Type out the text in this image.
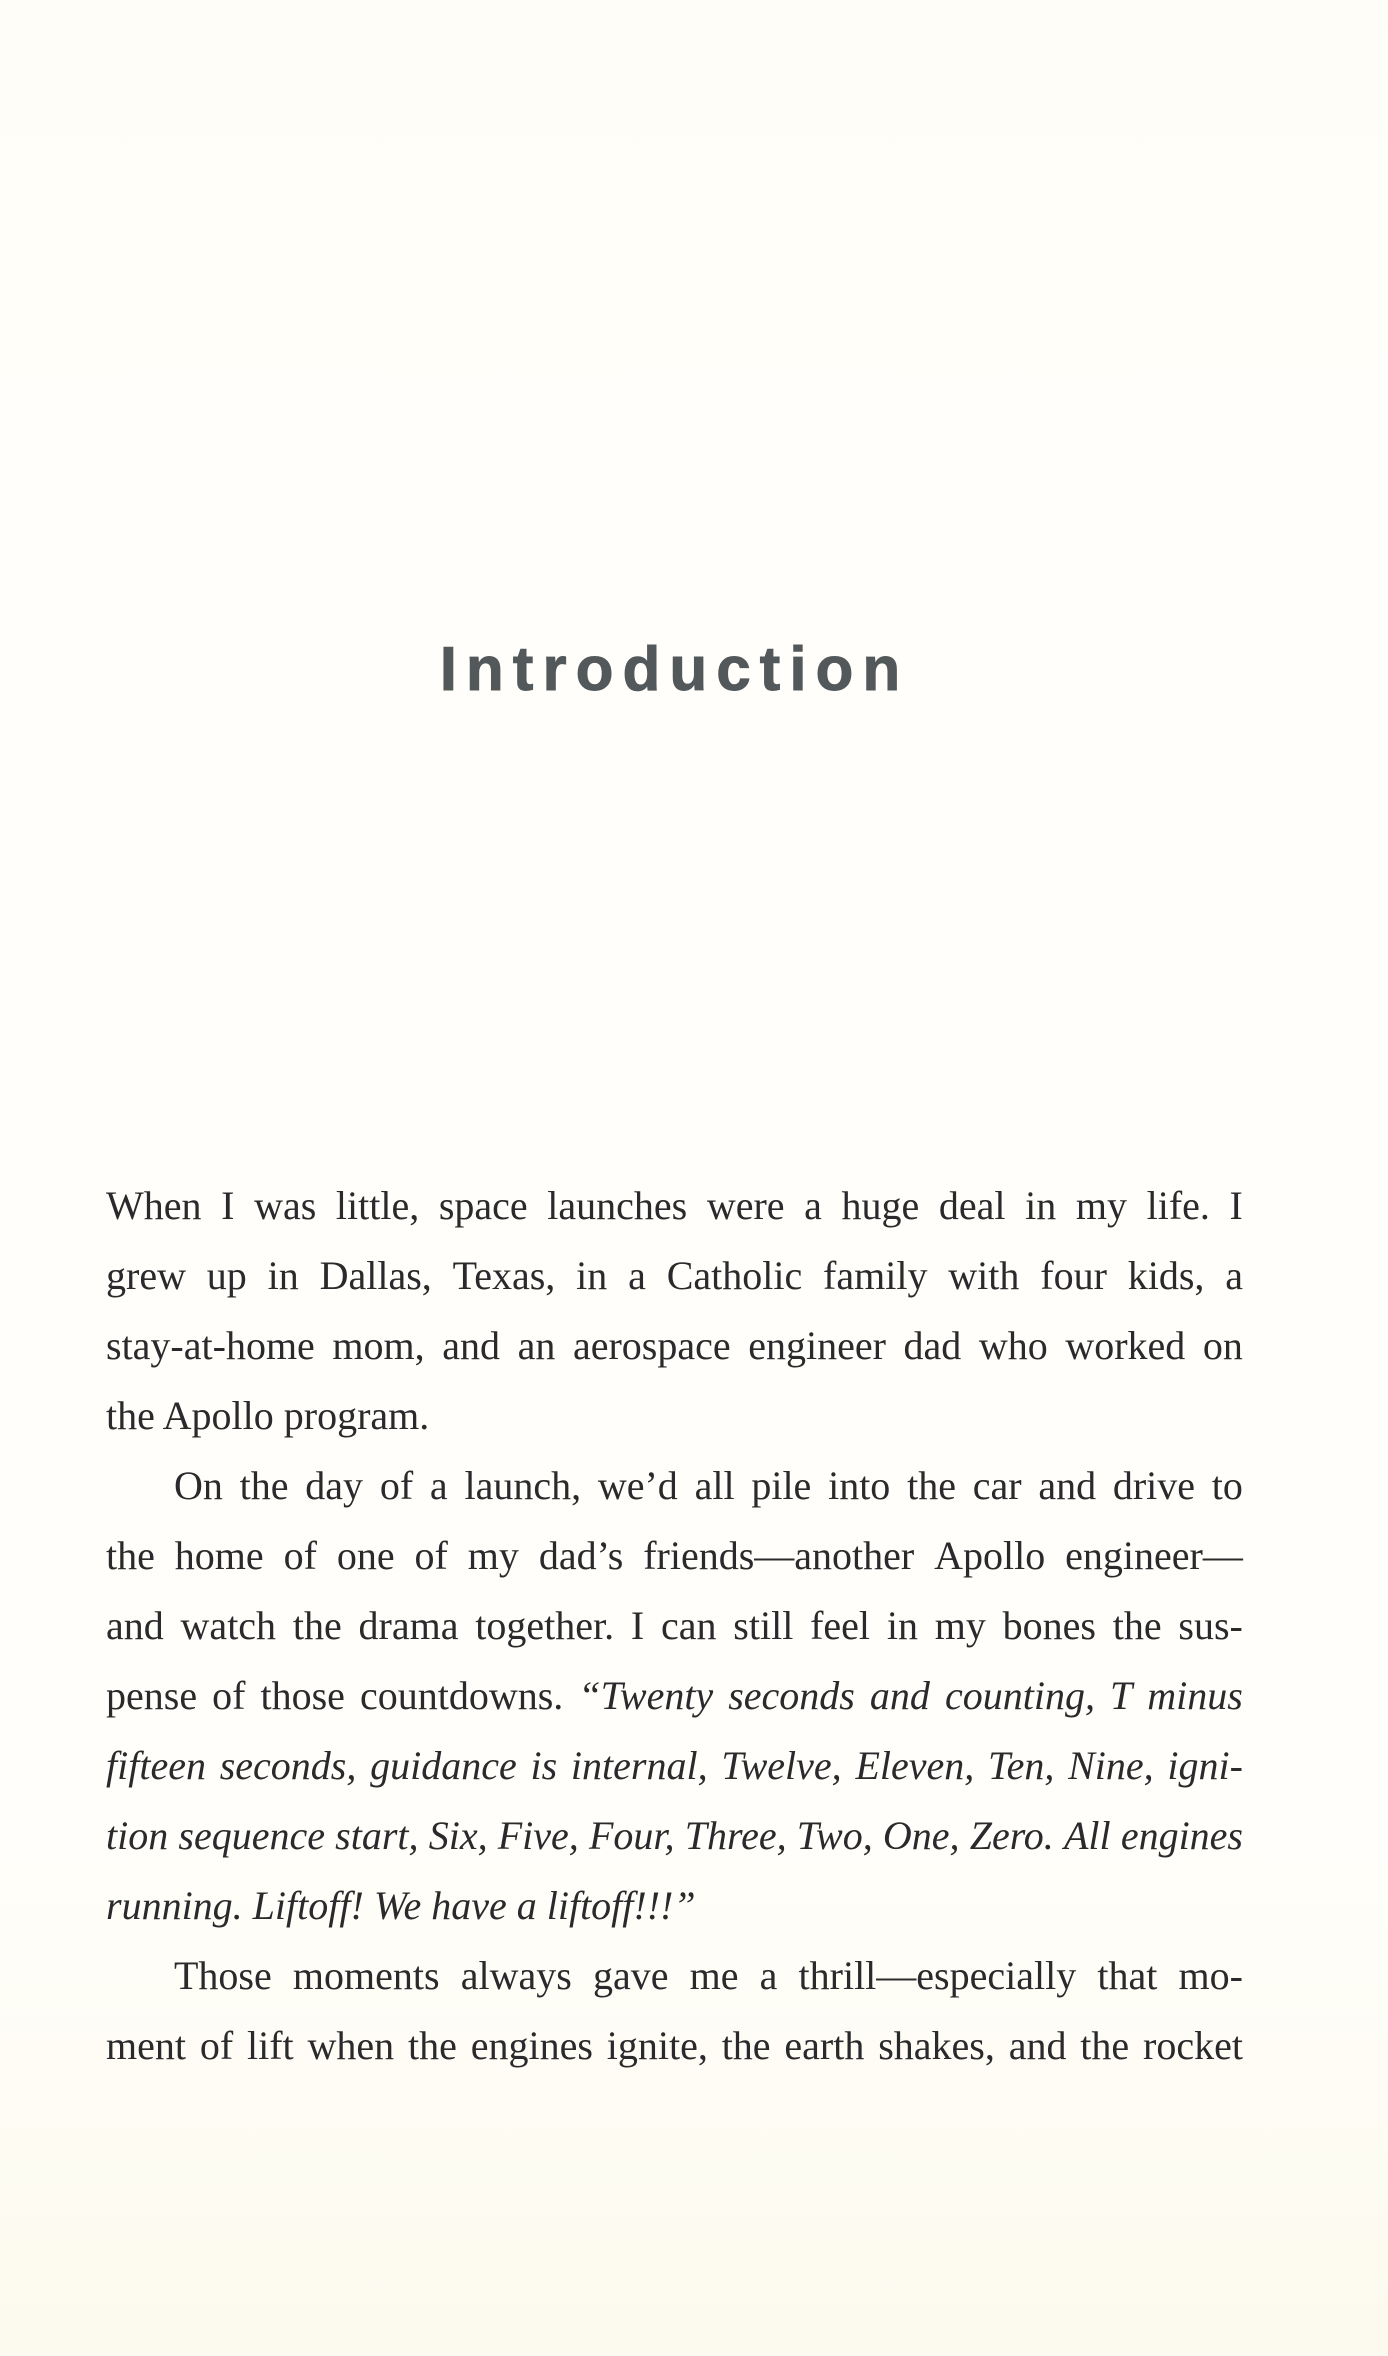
Introduction
When I was little, space launches were a huge deal in my life. I
grew up in Dallas, Texas, in a Catholic family with four kids, a
stay-at-home mom, and an aerospace engineer dad who worked on
the Apollo program.
On the day of a launch, we’d all pile into the car and drive to
the home of one of my dad’s friends—another Apollo engineer—
and watch the drama together. I can still feel in my bones the sus-
pense of those countdowns. “Twenty seconds and counting, T minus
fifteen seconds, guidance is internal, Twelve, Eleven, Ten, Nine, igni-
tion sequence start, Six, Five, Four, Three, Two, One, Zero. All engines
running. Liftoff! We have a liftoff!!!”
Those moments always gave me a thrill—especially that mo-
ment of lift when the engines ignite, the earth shakes, and the rocket
